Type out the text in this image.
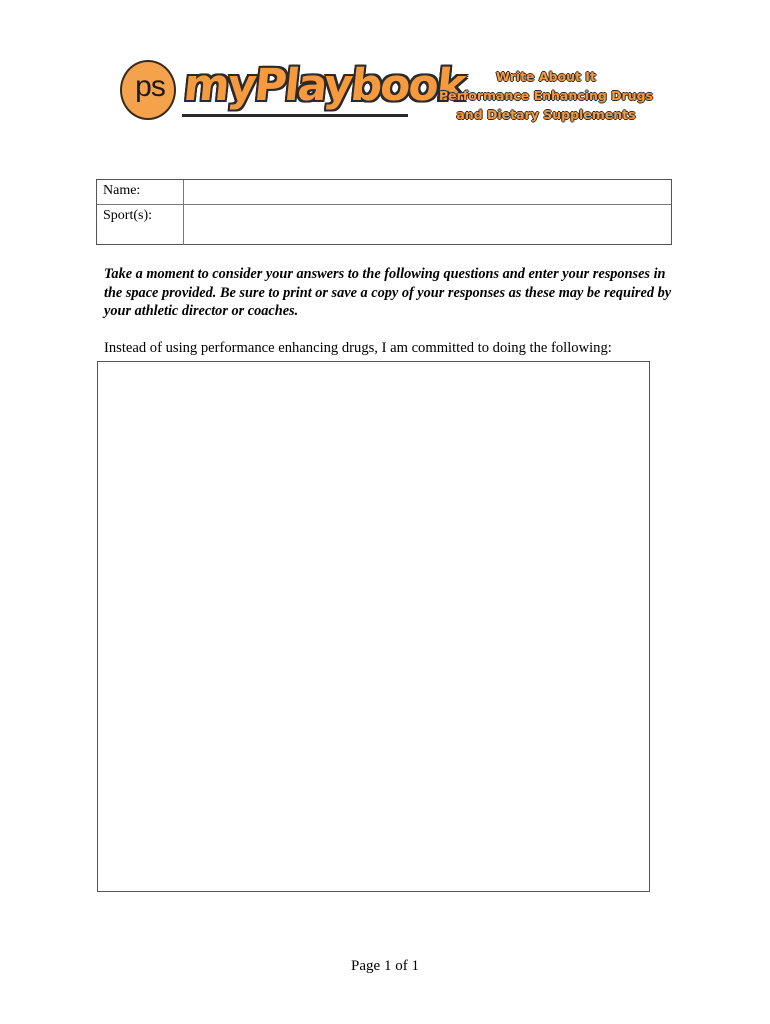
ps myPlaybook	Write About It
Performance Enhancing Drugs
and Dietary Supplements
Name:
Sport(s):
Take a moment to consider your answers to the following questions and enter your responses in the space provided. Be sure to print or save a copy of your responses as these may be required by your athletic director or coaches.
Instead of using performance enhancing drugs, I am committed to doing the following:
Page 1 of 1
